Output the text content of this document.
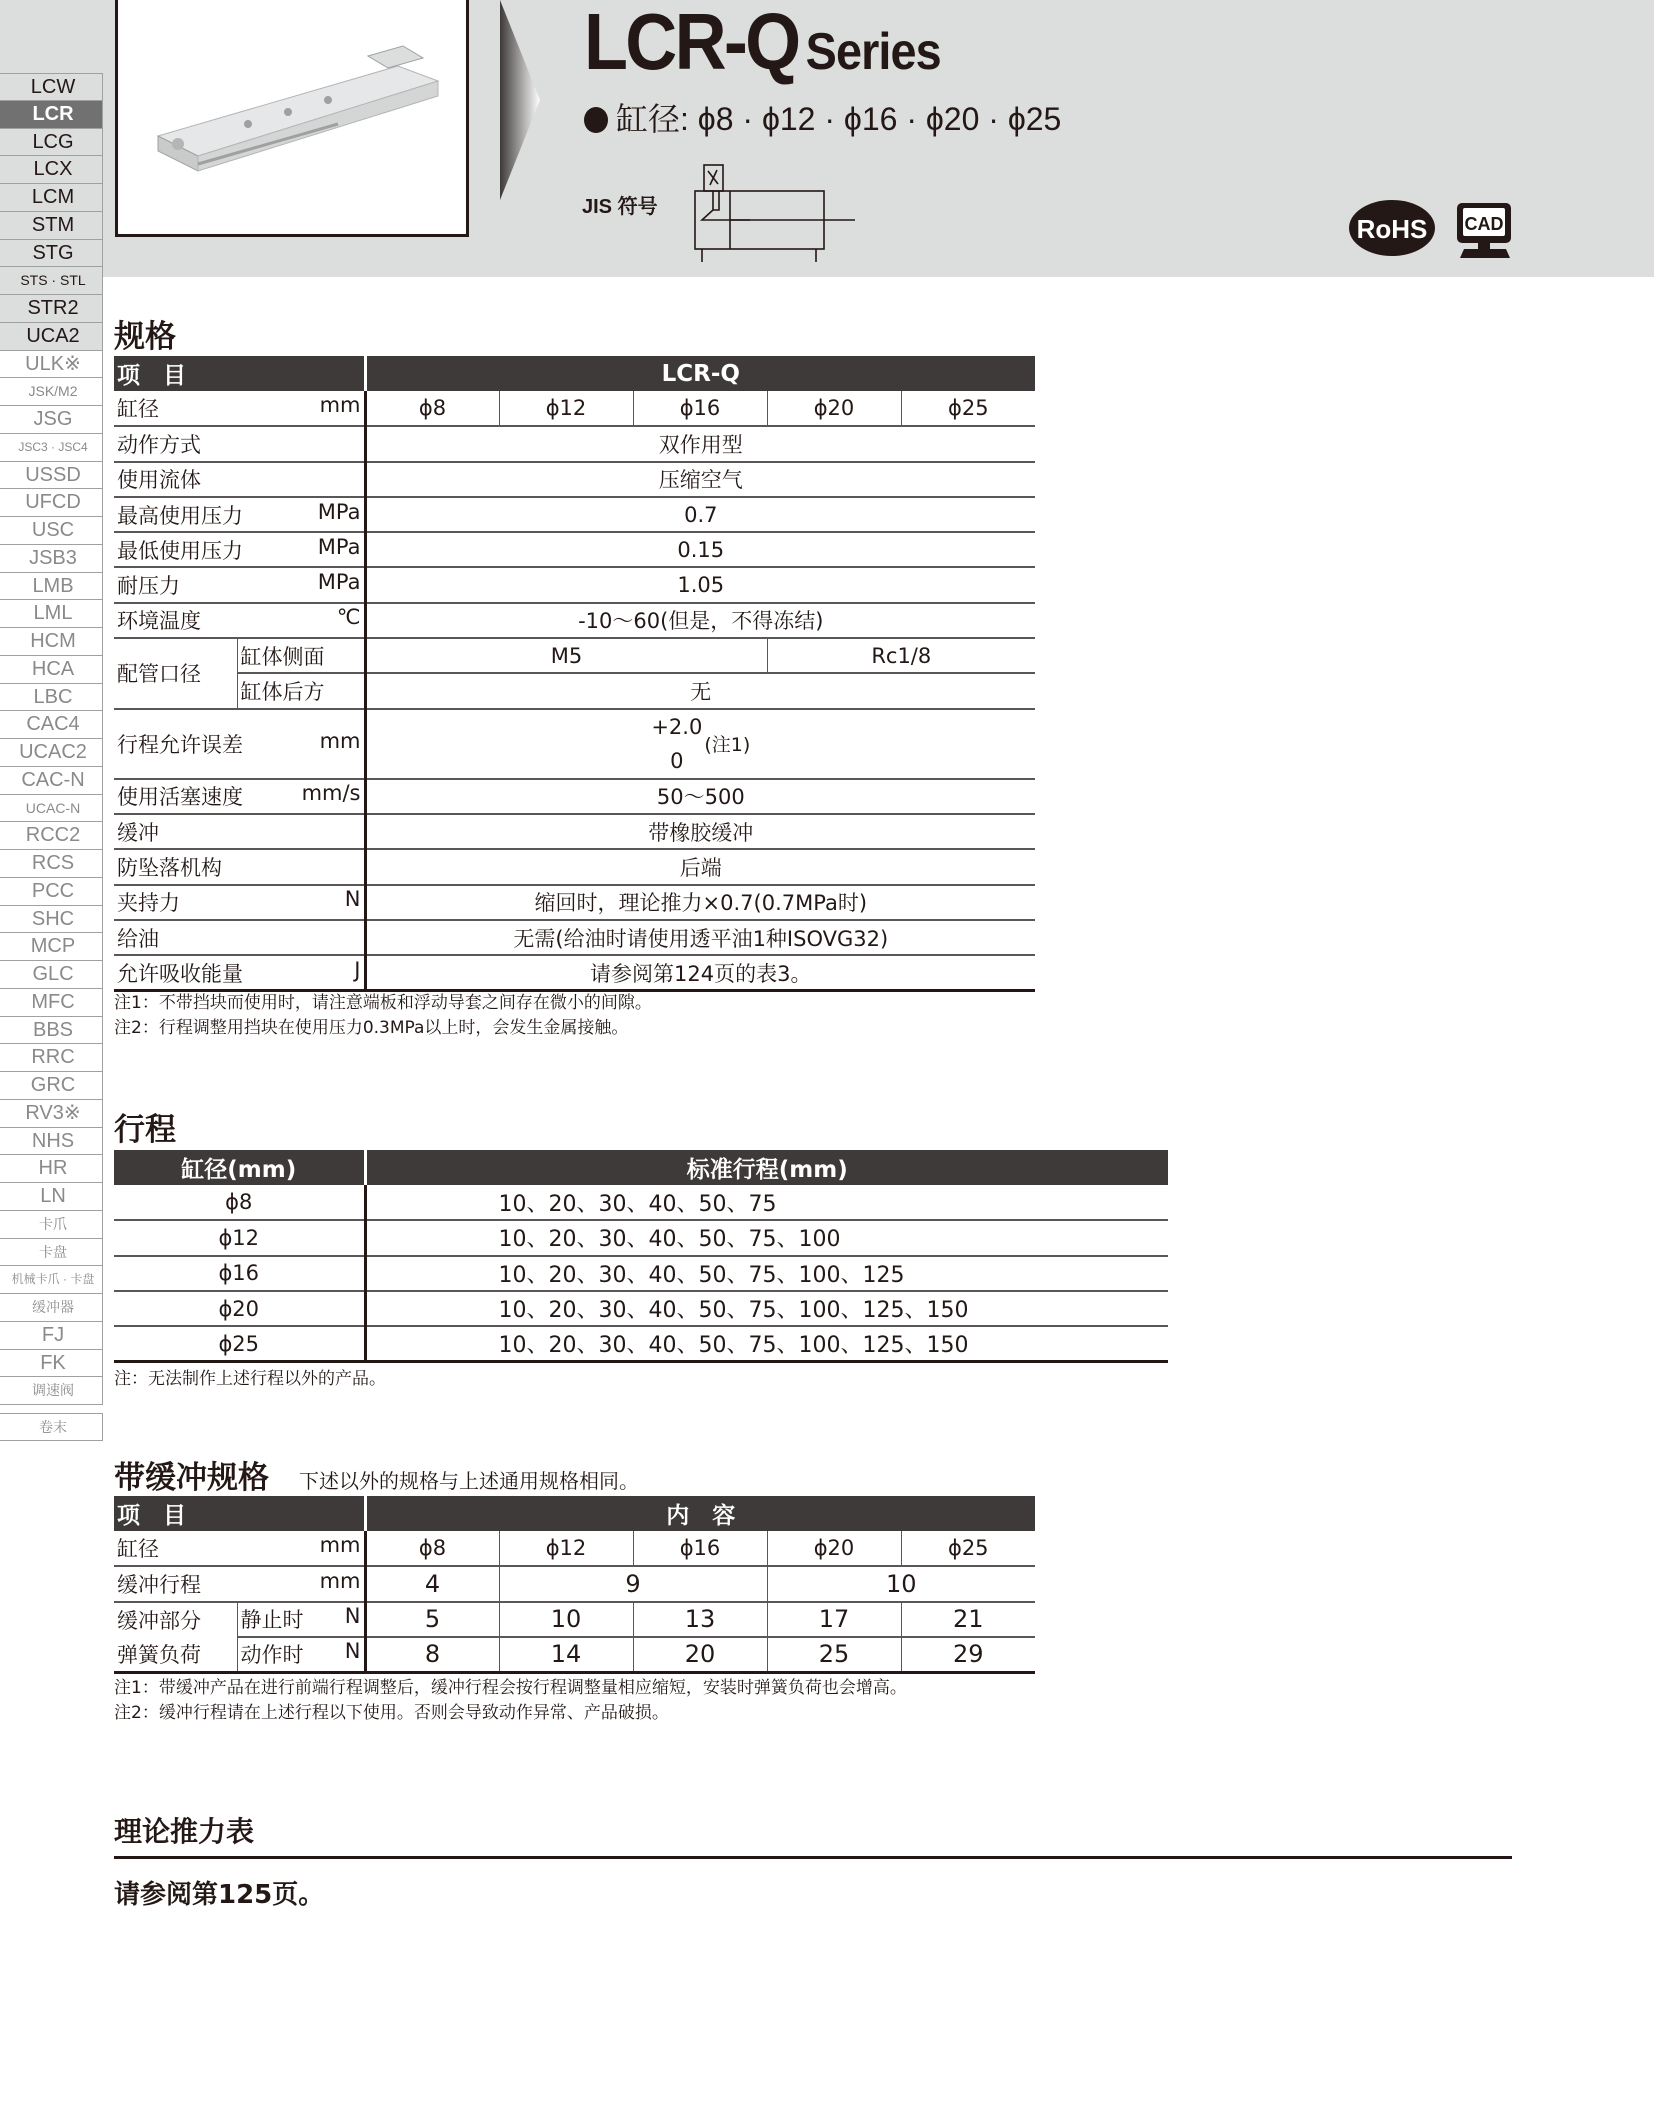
LCR-Q Series
缸径: ϕ8 · ϕ12 · ϕ16 · ϕ20 · ϕ25
JIS 符号
RoHS CAD
LCW
LCR
LCG
LCX
LCM
STM
STG
STS · STL
STR2
UCA2
ULK※
JSK/M2
JSG
JSC3 · JSC4
USSD
UFCD
USC
JSB3
LMB
LML
HCM
HCA
LBC
CAC4
UCAC2
CAC-N
UCAC-N
RCC2
RCS
PCC
SHC
MCP
GLC
MFC
BBS
RRC
GRC
RV3※
NHS
HR
LN
卡爪
卡盘
机械卡爪 · 卡盘
缓冲器
FJ
FK
调速阀
卷末
规格
项　目		LCR-Q				

缸径 mm		ϕ8	ϕ12	ϕ16	ϕ20	ϕ25

动作方式		双作用型				

使用流体		压缩空气				

最高使用压力 MPa		0.7				

最低使用压力 MPa		0.15				

耐压力 MPa		1.05				

环境温度 ℃		-10～60(但是，不得冻结)				
配管口径	缸体侧面	M5			Rc1/8	
	缸体后方	无				

行程允许误差 mm		+2.0
0
(注1)				

使用活塞速度 mm/s		50～500				

缓冲		带橡胶缓冲				

防坠落机构		后端				

夹持力 N		缩回时，理论推力×0.7(0.7MPa时)				

给油		无需(给油时请使用透平油1种ISOVG32)				

允许吸收能量 J		请参阅第124页的表3。				
注1：不带挡块而使用时，请注意端板和浮动导套之间存在微小的间隙。
注2：行程调整用挡块在使用压力0.3MPa以上时，会发生金属接触。
行程
缸径(mm)	标准行程(mm)
ϕ8	10、20、30、40、50、75
ϕ12	10、20、30、40、50、75、100
ϕ16	10、20、30、40、50、75、100、125
ϕ20	10、20、30、40、50、75、100、125、150
ϕ25	10、20、30、40、50、75、100、125、150
注：无法制作上述行程以外的产品。
带缓冲规格 下述以外的规格与上述通用规格相同。
项　目		内　容				

缸径 mm		ϕ8	ϕ12	ϕ16	ϕ20	ϕ25

缓冲行程 mm		4	9		10	
缓冲部分	静止时 N	5	10	13	17	21
弹簧负荷	动作时 N	8	14	20	25	29
注1：带缓冲产品在进行前端行程调整后，缓冲行程会按行程调整量相应缩短，安装时弹簧负荷也会增高。
注2：缓冲行程请在上述行程以下使用。否则会导致动作异常、产品破损。
理论推力表
请参阅第125页。
